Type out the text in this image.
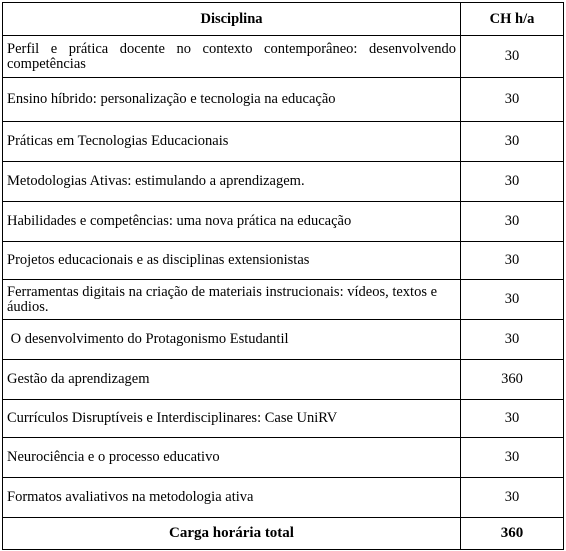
Disciplina	CH h/a
Perfil e prática docente no contexto contemporâneo: desenvolvendo competências	30
Ensino híbrido: personalização e tecnologia na educação	30
Práticas em Tecnologias Educacionais	30
Metodologias Ativas: estimulando a aprendizagem.	30
Habilidades e competências: uma nova prática na educação	30
Projetos educacionais e as disciplinas extensionistas	30
Ferramentas digitais na criação de materiais instrucionais: vídeos, textos e áudios.	30
O desenvolvimento do Protagonismo Estudantil	30
Gestão da aprendizagem	360
Currículos Disruptíveis e Interdisciplinares: Case UniRV	30
Neurociência e o processo educativo	30
Formatos avaliativos na metodologia ativa	30
Carga horária total	360
